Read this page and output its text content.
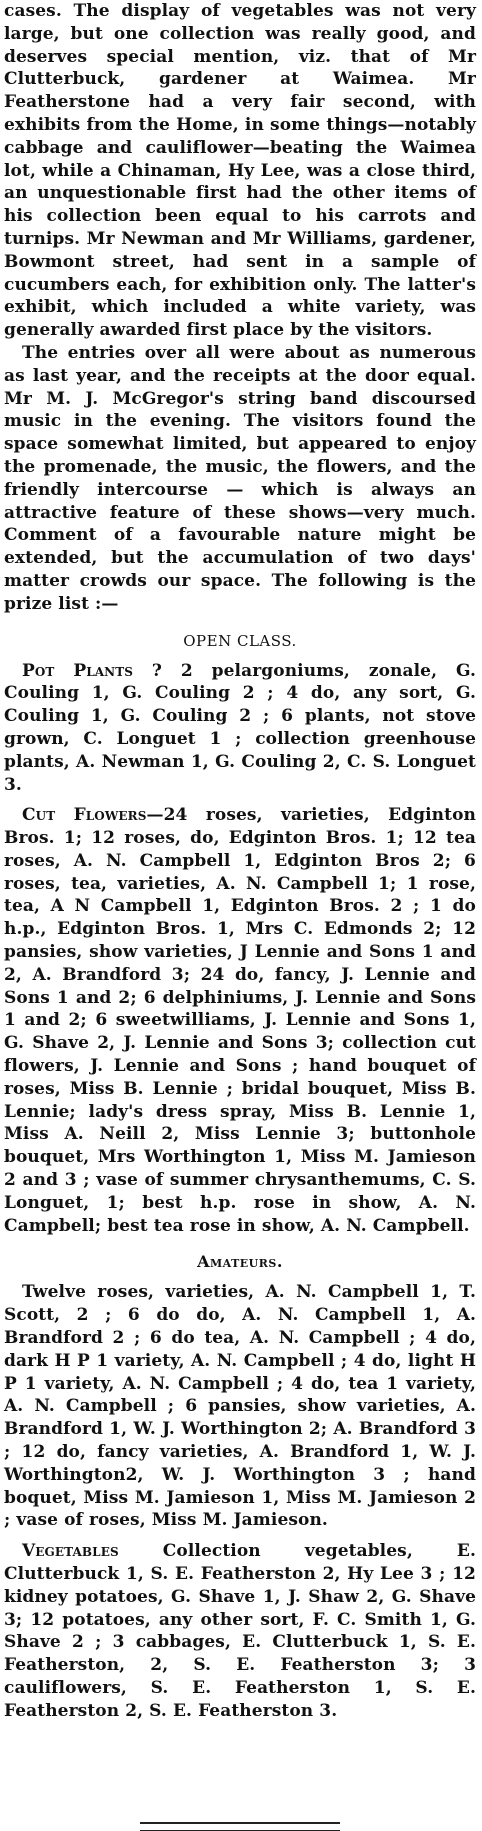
cases. The display of vegetables was not very large, but one collection was really good, and deserves special mention, viz. that of Mr Clutterbuck, gardener at Waimea. Mr Featherstone had a very fair second, with exhibits from the Home, in some things—notably cabbage and cauliflower—beating the Waimea lot, while a Chinaman, Hy Lee, was a close third, an unquestionable first had the other items of his collection been equal to his carrots and turnips. Mr Newman and Mr Williams, gardener, Bowmont street, had sent in a sample of cucumbers each, for exhibition only. The latter's exhibit, which included a white variety, was generally awarded first place by the visitors.

The entries over all were about as numerous as last year, and the receipts at the door equal. Mr M. J. McGregor's string band discoursed music in the evening. The visitors found the space somewhat limited, but appeared to enjoy the promenade, the music, the flowers, and the friendly intercourse — which is always an attractive feature of these shows—very much. Comment of a favourable nature might be extended, but the accumulation of two days' matter crowds our space. The following is the prize list :—

OPEN CLASS.

Pot Plants ? 2 pelargoniums, zonale, G. Couling 1, G. Couling 2 ; 4 do, any sort, G. Couling 1, G. Couling 2 ; 6 plants, not stove grown, C. Longuet 1 ; collection greenhouse plants, A. Newman 1, G. Couling 2, C. S. Longuet 3.

Cut Flowers—24 roses, varieties, Edginton Bros. 1; 12 roses, do, Edginton Bros. 1; 12 tea roses, A. N. Campbell 1, Edginton Bros 2; 6 roses, tea, varieties, A. N. Campbell 1; 1 rose, tea, A N Campbell 1, Edginton Bros. 2 ; 1 do h.p., Edginton Bros. 1, Mrs C. Edmonds 2; 12 pansies, show varieties, J Lennie and Sons 1 and 2, A. Brandford 3; 24 do, fancy, J. Lennie and Sons 1 and 2; 6 delphiniums, J. Lennie and Sons 1 and 2; 6 sweetwilliams, J. Lennie and Sons 1, G. Shave 2, J. Lennie and Sons 3; collection cut flowers, J. Lennie and Sons ; hand bouquet of roses, Miss B. Lennie ; bridal bouquet, Miss B. Lennie; lady's dress spray, Miss B. Lennie 1, Miss A. Neill 2, Miss Lennie 3; buttonhole bouquet, Mrs Worthington 1, Miss M. Jamieson 2 and 3 ; vase of summer chrysanthemums, C. S. Longuet, 1; best h.p. rose in show, A. N. Campbell; best tea rose in show, A. N. Campbell.

Amateurs.

Twelve roses, varieties, A. N. Campbell 1, T. Scott, 2 ; 6 do do, A. N. Campbell 1, A. Brandford 2 ; 6 do tea, A. N. Campbell ; 4 do, dark H P 1 variety, A. N. Campbell ; 4 do, light H P 1 variety, A. N. Campbell ; 4 do, tea 1 variety, A. N. Campbell ; 6 pansies, show varieties, A. Brandford 1, W. J. Worthington 2; A. Brandford 3 ; 12 do, fancy varieties, A. Brandford 1, W. J. Worthington2, W. J. Worthington 3 ; hand boquet, Miss M. Jamieson 1, Miss M. Jamieson 2 ; vase of roses, Miss M. Jamieson.

Vegetables Collection vegetables, E. Clutterbuck 1, S. E. Featherston 2, Hy Lee 3 ; 12 kidney potatoes, G. Shave 1, J. Shaw 2, G. Shave 3; 12 potatoes, any other sort, F. C. Smith 1, G. Shave 2 ; 3 cabbages, E. Clutterbuck 1, S. E. Featherston, 2, S. E. Featherston 3; 3 cauliflowers, S. E. Featherston 1, S. E. Featherston 2, S. E. Featherston 3.
